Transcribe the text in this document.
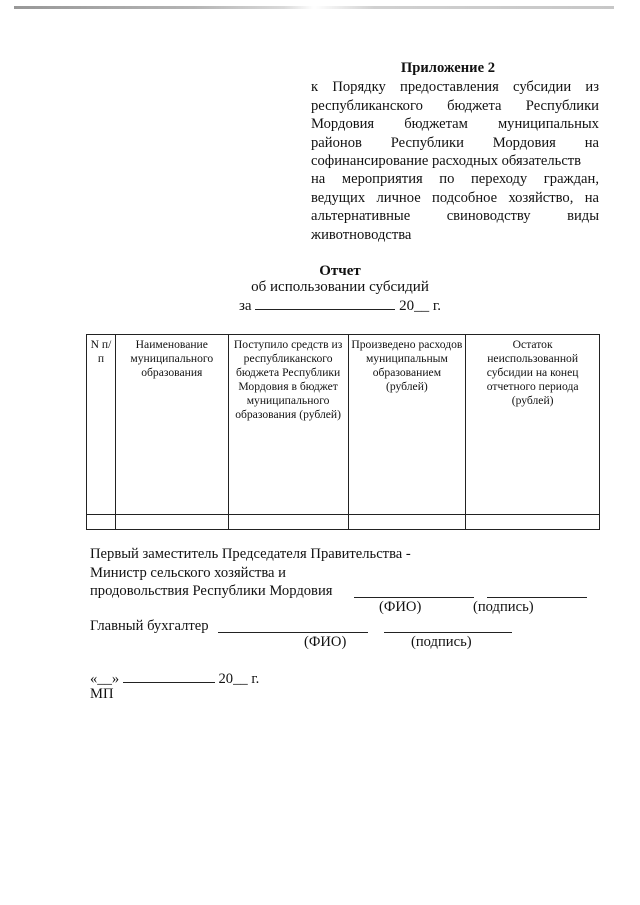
Приложение 2
к Порядку предоставления субсидии из
республиканского бюджета Республики
Мордовия бюджетам муниципальных
районов Республики Мордовия на
софинансирование расходных обязательств
на мероприятия по переходу граждан,
ведущих личное подсобное хозяйство, на
альтернативные свиноводству виды
животноводства
Отчет
об использовании субсидий
за	20__ г.
N п/п	Наименование муниципального образования	Поступило средств из республиканского бюджета Республики Мордовия в бюджет муниципального образования (рублей)	Произведено расходов муниципальным образованием (рублей)	Остаток неиспользованной субсидии на конец отчетного периода (рублей)

Первый заместитель Председателя Правительства -
Министр сельского хозяйства и
продовольствия Республики Мордовия
(ФИО)	(подпись)
Главный бухгалтер
(ФИО)	(подпись)
«__»	20__ г.
МП
